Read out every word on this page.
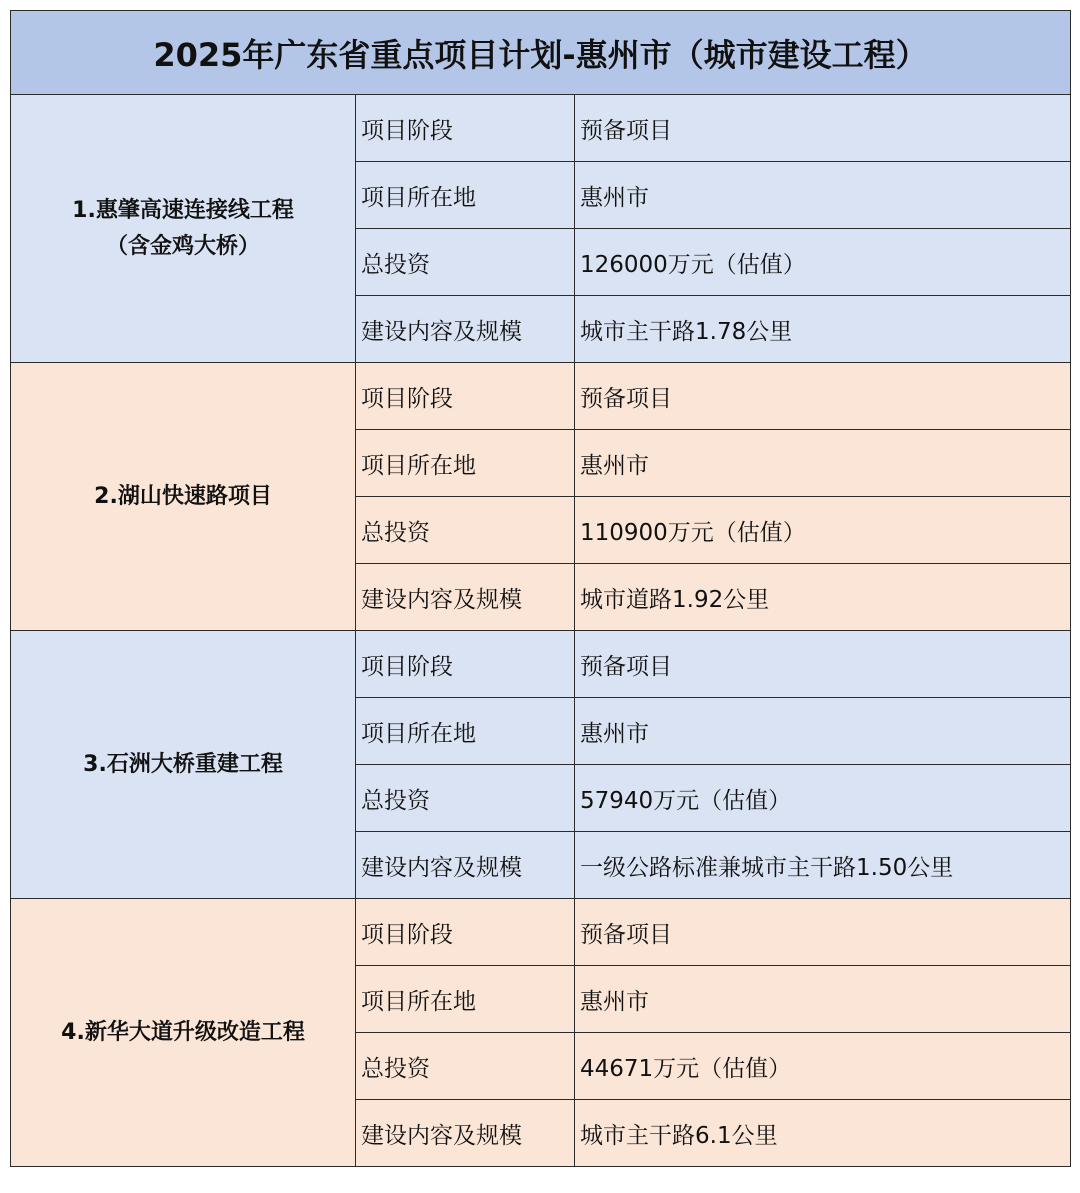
2025年广东省重点项目计划-惠州市（城市建设工程）		

1.惠肇高速连接线工程
（含金鸡大桥）	项目阶段	预备项目
	项目所在地	惠州市
	总投资	126000万元（估值）
	建设内容及规模	城市主干路1.78公里

2.湖山快速路项目	项目阶段	预备项目
	项目所在地	惠州市
	总投资	110900万元（估值）
	建设内容及规模	城市道路1.92公里

3.石洲大桥重建工程	项目阶段	预备项目
	项目所在地	惠州市
	总投资	57940万元（估值）
	建设内容及规模	一级公路标准兼城市主干路1.50公里

4.新华大道升级改造工程	项目阶段	预备项目
	项目所在地	惠州市
	总投资	44671万元（估值）
	建设内容及规模	城市主干路6.1公里
